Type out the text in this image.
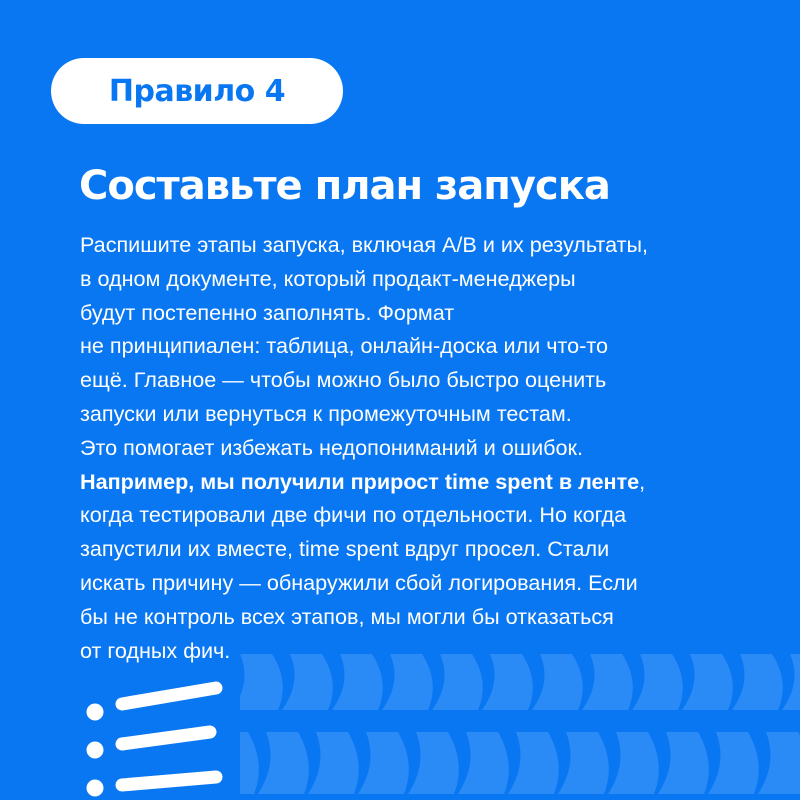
Правило 4
Составьте план запуска
Распишите этапы запуска, включая A/B и их результаты,
в одном документе, который продакт-менеджеры
будут постепенно заполнять. Формат
не принципиален: таблица, онлайн-доска или что-то
ещё. Главное — чтобы можно было быстро оценить
запуски или вернуться к промежуточным тестам.
Это помогает избежать недопониманий и ошибок.
Например, мы получили прирост time spent в ленте,
когда тестировали две фичи по отдельности. Но когда
запустили их вместе, time spent вдруг просел. Стали
искать причину — обнаружили сбой логирования. Если
бы не контроль всех этапов, мы могли бы отказаться
от годных фич.
